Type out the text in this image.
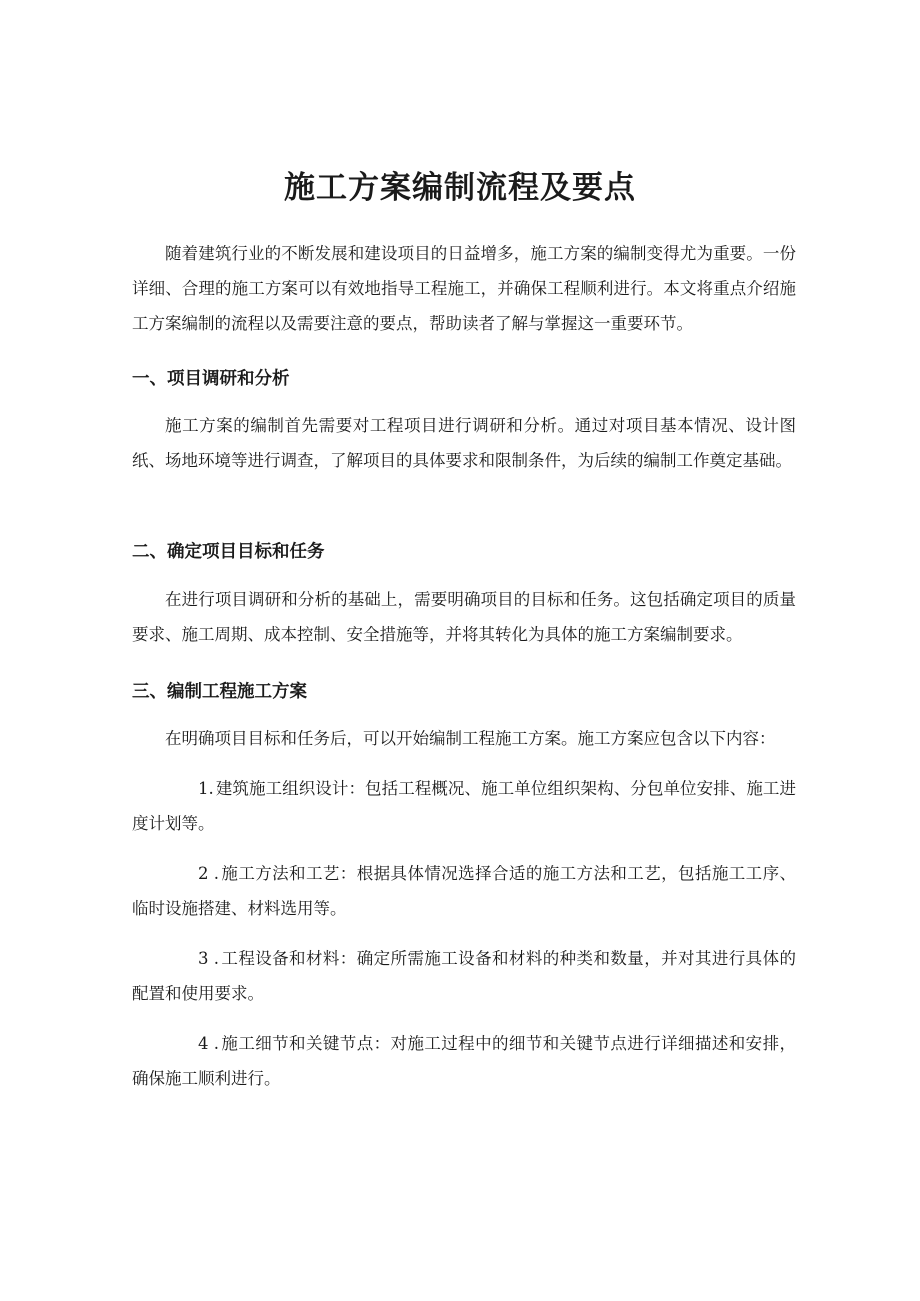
施工方案编制流程及要点

随着建筑行业的不断发展和建设项目的日益增多，施工方案的编制变得尤为重要。一份详细、合理的施工方案可以有效地指导工程施工，并确保工程顺利进行。本文将重点介绍施工方案编制的流程以及需要注意的要点，帮助读者了解与掌握这一重要环节。

一、项目调研和分析

施工方案的编制首先需要对工程项目进行调研和分析。通过对项目基本情况、设计图纸、场地环境等进行调查，了解项目的具体要求和限制条件，为后续的编制工作奠定基础。

二、确定项目目标和任务

在进行项目调研和分析的基础上，需要明确项目的目标和任务。这包括确定项目的质量要求、施工周期、成本控制、安全措施等，并将其转化为具体的施工方案编制要求。

三、编制工程施工方案

在明确项目目标和任务后，可以开始编制工程施工方案。施工方案应包含以下内容：

1. 建筑施工组织设计：包括工程概况、施工单位组织架构、分包单位安排、施工进度计划等。

2 . 施工方法和工艺：根据具体情况选择合适的施工方法和工艺，包括施工工序、临时设施搭建、材料选用等。

3 . 工程设备和材料：确定所需施工设备和材料的种类和数量，并对其进行具体的配置和使用要求。

4 . 施工细节和关键节点：对施工过程中的细节和关键节点进行详细描述和安排，确保施工顺利进行。
